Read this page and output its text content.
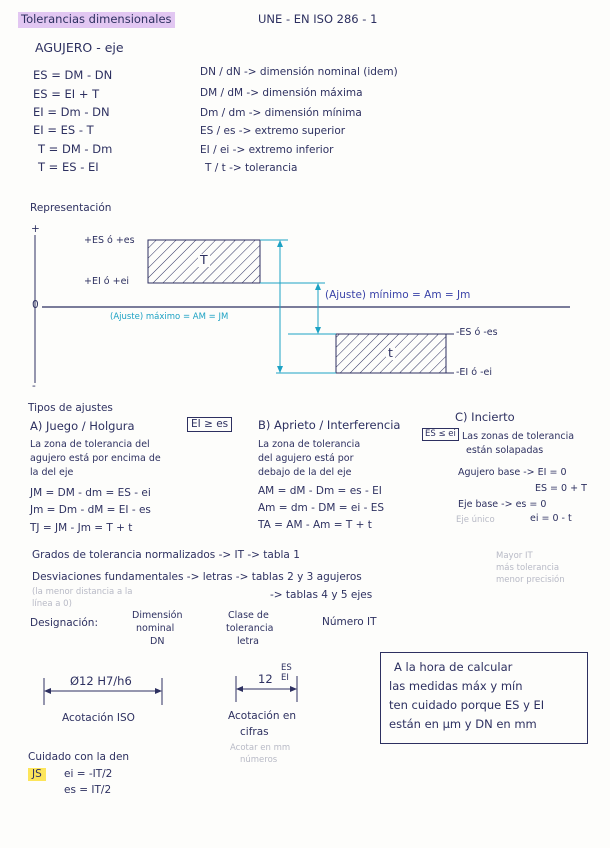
Tolerancias dimensionales	UNE - EN ISO 286 - 1
AGUJERO - eje
ES = DM - DN
ES = EI + T
EI = Dm - DN
EI = ES - T
T = DM - Dm
T = ES - EI
DN / dN -> dimensión nominal (idem)
DM / dM -> dimensión máxima
Dm / dm -> dimensión mínima
ES / es -> extremo superior
EI / ei -> extremo inferior
T / t -> tolerancia
Representación
+
0
-
+ES ó +es
+EI ó +ei
T
t
(Ajuste) mínimo = Am = Jm
(Ajuste) máximo = AM = JM
-ES ó -es
-EI ó -ei
Tipos de ajustes
A) Juego / Holgura	EI ≥ es
La zona de tolerancia del
agujero está por encima de
la del eje
JM = DM - dm = ES - ei
Jm = Dm - dM = EI - es
TJ = JM - Jm = T + t
B) Aprieto / Interferencia
ES ≤ ei
La zona de tolerancia
del agujero está por
debajo de la del eje
AM = dM - Dm = es - EI
Am = dm - DM = ei - ES
TA = AM - Am = T + t
C) Incierto
Las zonas de tolerancia
están solapadas
Agujero base -> EI = 0
ES = 0 + T
Eje base -> es = 0
Eje único	ei = 0 - t
Grados de tolerancia normalizados -> IT -> tabla 1	Mayor IT
más tolerancia
menor precisión
Desviaciones fundamentales -> letras -> tablas 2 y 3 agujeros
(la menor distancia a la
línea a 0)
-> tablas 4 y 5 ejes
Designación:
Dimensión
nominal
DN
Clase de
tolerancia
letra
Número IT
Ø12 H7/h6
Acotación ISO
12
ES
EI
Acotación en
cifras
Acotar en mm
números
A la hora de calcular
las medidas máx y mín
ten cuidado porque ES y EI
están en µm y DN en mm
Cuidado con la den
JS	ei = -IT/2
es = IT/2
